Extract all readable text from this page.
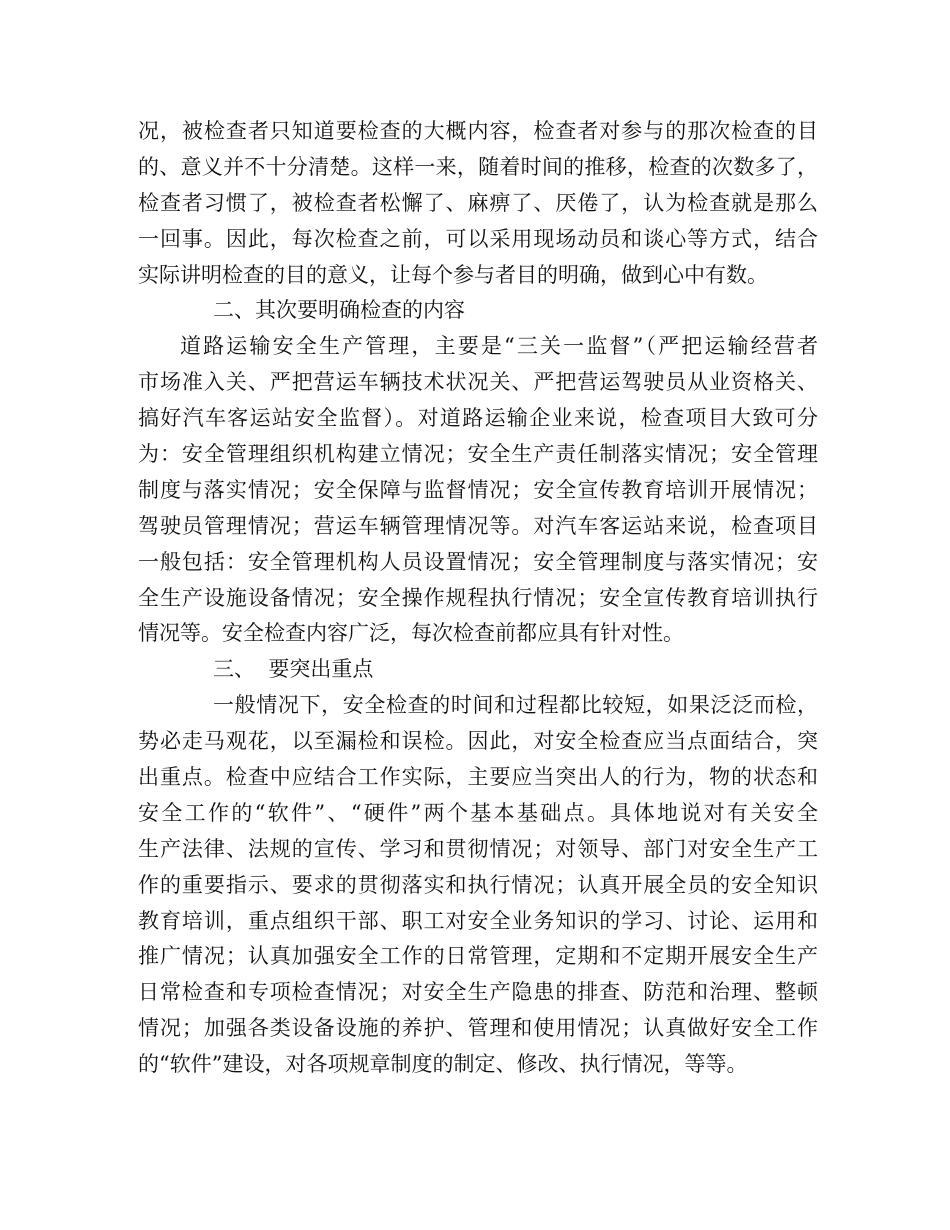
况，被检查者只知道要检查的大概内容，检查者对参与的那次检查的目
的、意义并不十分清楚。这样一来，随着时间的推移，检查的次数多了，
检查者习惯了，被检查者松懈了、麻痹了、厌倦了，认为检查就是那么
一回事。因此，每次检查之前，可以采用现场动员和谈心等方式，结合
实际讲明检查的目的意义，让每个参与者目的明确，做到心中有数。
二、其次要明确检查的内容
道路运输安全生产管理，主要是“三关一监督”（严把运输经营者
市场准入关、严把营运车辆技术状况关、严把营运驾驶员从业资格关、
搞好汽车客运站安全监督）。对道路运输企业来说，检查项目大致可分
为：安全管理组织机构建立情况；安全生产责任制落实情况；安全管理
制度与落实情况；安全保障与监督情况；安全宣传教育培训开展情况；
驾驶员管理情况；营运车辆管理情况等。对汽车客运站来说，检查项目
一般包括：安全管理机构人员设置情况；安全管理制度与落实情况；安
全生产设施设备情况；安全操作规程执行情况；安全宣传教育培训执行
情况等。安全检查内容广泛，每次检查前都应具有针对性。
三、  要突出重点
一般情况下，安全检查的时间和过程都比较短，如果泛泛而检，
势必走马观花，以至漏检和误检。因此，对安全检查应当点面结合，突
出重点。检查中应结合工作实际，主要应当突出人的行为，物的状态和
安全工作的“软件”、“硬件”两个基本基础点。具体地说对有关安全
生产法律、法规的宣传、学习和贯彻情况；对领导、部门对安全生产工
作的重要指示、要求的贯彻落实和执行情况；认真开展全员的安全知识
教育培训，重点组织干部、职工对安全业务知识的学习、讨论、运用和
推广情况；认真加强安全工作的日常管理，定期和不定期开展安全生产
日常检查和专项检查情况；对安全生产隐患的排查、防范和治理、整顿
情况；加强各类设备设施的养护、管理和使用情况；认真做好安全工作
的“软件”建设，对各项规章制度的制定、修改、执行情况，等等。
